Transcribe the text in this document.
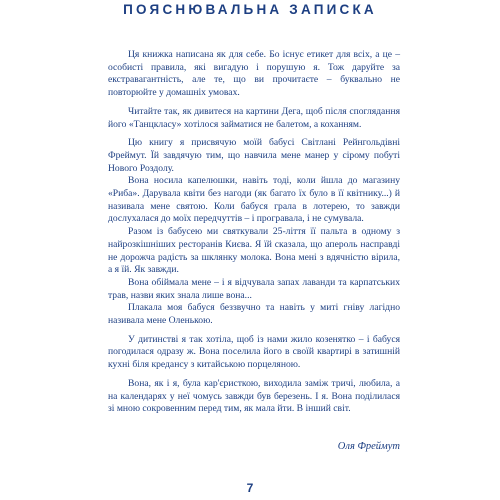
ПОЯСНЮВАЛЬНА ЗАПИСКА

Ця книжка написана як для себе. Бо існує етикет для всіх, а це – особисті правила, які вигадую і порушую я. Тож даруйте за екстравагантність, але те, що ви прочитаєте – буквально не повторюйте у домашніх умовах.

Читайте так, як дивитеся на картини Дега, щоб після споглядання його «Танцкласу» хотілося займатися не балетом, а коханням.

Цю книгу я присвячую моїй бабусі Світлані Рейнгольдівні Фреймут. Їй завдячую тим, що навчила мене манер у сірому побуті Нового Роздолу.

Вона носила капелюшки, навіть тоді, коли йшла до магазину «Риба». Дарувала квіти без нагоди (як багато їх було в її квітнику...) й називала мене святою. Коли бабуся грала в лотерею, то завжди дослухалася до моїх передчуттів – і програвала, і не сумувала.

Разом із бабусею ми святкували 25-ліття її пальта в одному з найрозкішніших ресторанів Києва. Я їй сказала, що апероль насправді не дорожча радість за шклянку молока. Вона мені з вдячністю вірила, а я їй. Як завжди.

Вона обіймала мене – і я відчувала запах лаванди та карпатських трав, назви яких знала лише вона...

Плакала моя бабуся беззвучно та навіть у миті гніву лагідно називала мене Оленькою.

У дитинстві я так хотіла, щоб із нами жило козенятко – і бабуся погодилася одразу ж. Вона поселила його в своїй квартирі в затишній кухні біля кредансу з китайською порцеляною.

Вона, як і я, була кар'єристкою, виходила заміж тричі, любила, а на календарях у неї чомусь завжди був березень. І я. Вона поділилася зі мною сокровенним перед тим, як мала йти. В інший світ.

Оля Фреймут
7
